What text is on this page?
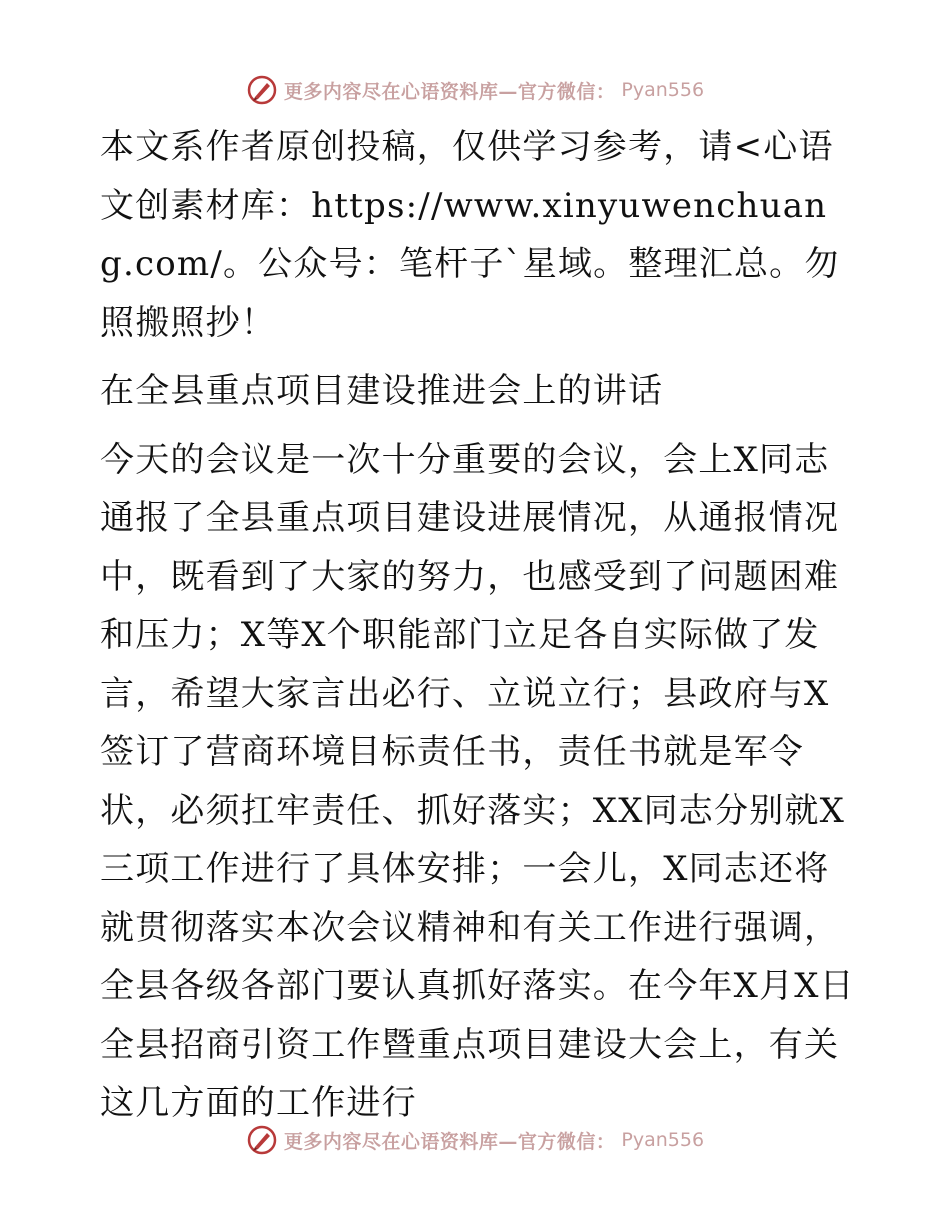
更多内容尽在心语资料库—官方微信： Pyan556

本文系作者原创投稿，仅供学习参考，请<心语文创素材库：https://www.xinyuwenchuang.com/。公众号：笔杆子`星域。整理汇总。勿照搬照抄！

在全县重点项目建设推进会上的讲话

今天的会议是一次十分重要的会议，会上X同志通报了全县重点项目建设进展情况，从通报情况中，既看到了大家的努力，也感受到了问题困难和压力；X等X个职能部门立足各自实际做了发言，希望大家言出必行、立说立行；县政府与X签订了营商环境目标责任书，责任书就是军令状，必须扛牢责任、抓好落实；XX同志分别就X三项工作进行了具体安排；一会儿，X同志还将就贯彻落实本次会议精神和有关工作进行强调，全县各级各部门要认真抓好落实。在今年X月X日全县招商引资工作暨重点项目建设大会上，有关这几方面的工作进行

更多内容尽在心语资料库—官方微信： Pyan556
